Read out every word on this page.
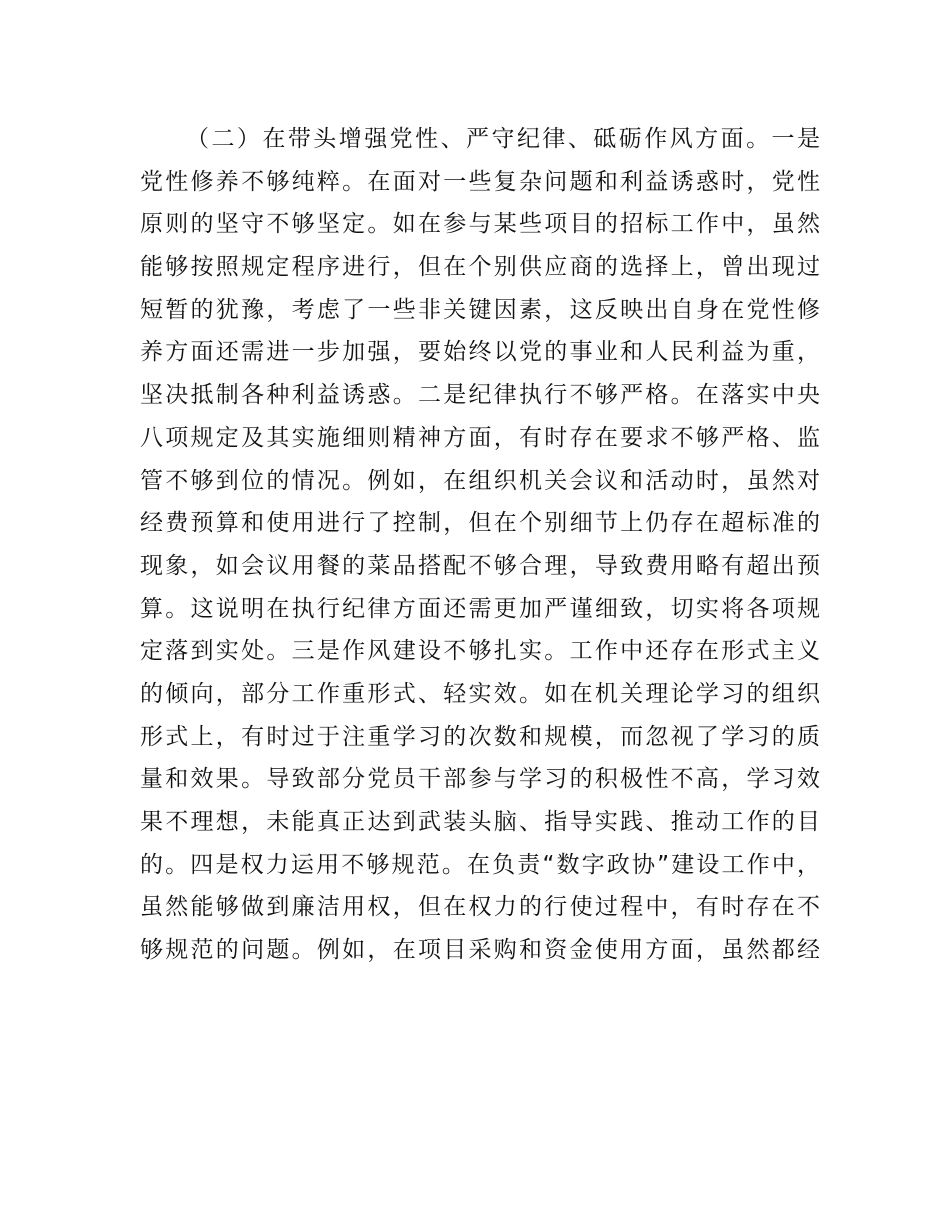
（二）在带头增强党性、严守纪律、砥砺作风方面。一是
党性修养不够纯粹。在面对一些复杂问题和利益诱惑时，党性
原则的坚守不够坚定。如在参与某些项目的招标工作中，虽然
能够按照规定程序进行，但在个别供应商的选择上，曾出现过
短暂的犹豫，考虑了一些非关键因素，这反映出自身在党性修
养方面还需进一步加强，要始终以党的事业和人民利益为重，
坚决抵制各种利益诱惑。二是纪律执行不够严格。在落实中央
八项规定及其实施细则精神方面，有时存在要求不够严格、监
管不够到位的情况。例如，在组织机关会议和活动时，虽然对
经费预算和使用进行了控制，但在个别细节上仍存在超标准的
现象，如会议用餐的菜品搭配不够合理，导致费用略有超出预
算。这说明在执行纪律方面还需更加严谨细致，切实将各项规
定落到实处。三是作风建设不够扎实。工作中还存在形式主义
的倾向，部分工作重形式、轻实效。如在机关理论学习的组织
形式上，有时过于注重学习的次数和规模，而忽视了学习的质
量和效果。导致部分党员干部参与学习的积极性不高，学习效
果不理想，未能真正达到武装头脑、指导实践、推动工作的目
的。四是权力运用不够规范。在负责“数字政协”建设工作中，
虽然能够做到廉洁用权，但在权力的行使过程中，有时存在不
够规范的问题。例如，在项目采购和资金使用方面，虽然都经
